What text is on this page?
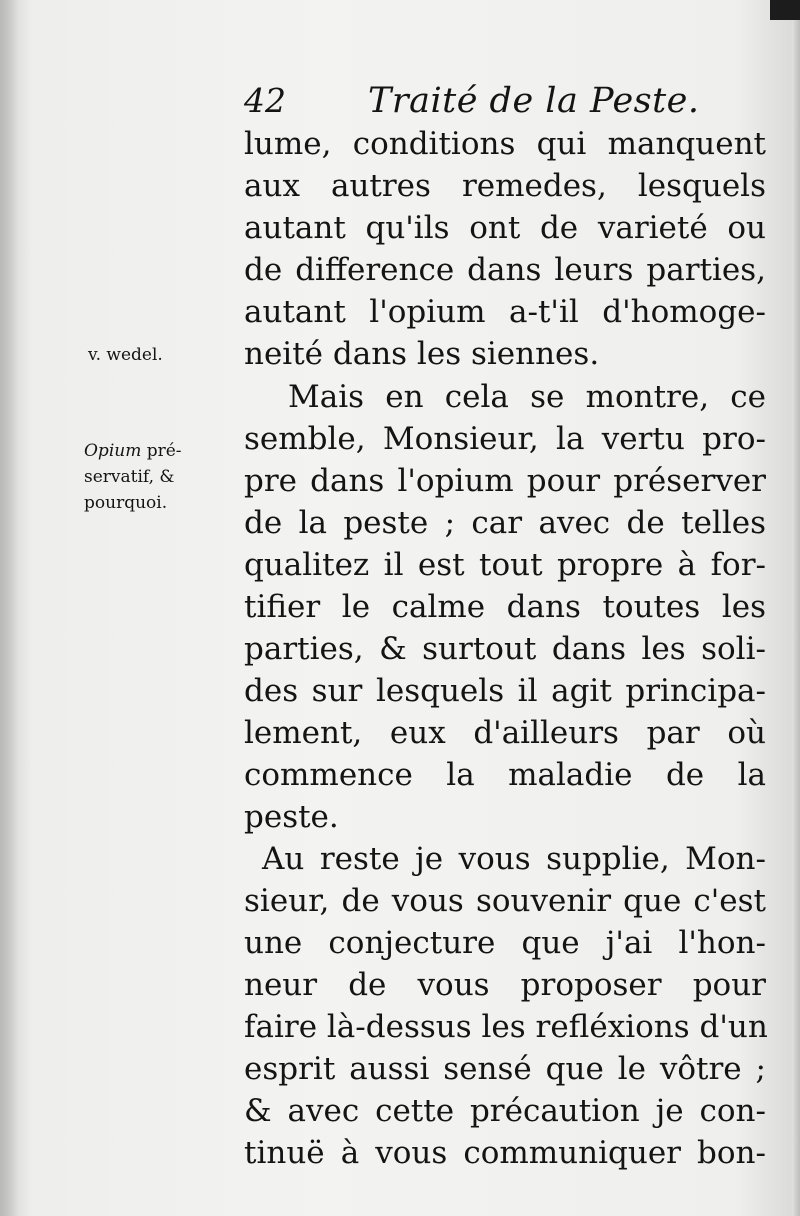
42 Traité de la Peste.
lume, conditions qui manquent
aux autres remedes, lesquels
autant qu'ils ont de varieté ou
de difference dans leurs parties,
autant l'opium a-t'il d'homoge-
neité dans les siennes.
Mais en cela se montre, ce
semble, Monsieur, la vertu pro-
pre dans l'opium pour préserver
de la peste ; car avec de telles
qualitez il est tout propre à for-
tifier le calme dans toutes les
parties, & surtout dans les soli-
des sur lesquels il agit principa-
lement, eux d'ailleurs par où
commence la maladie de la
peste.
Au reste je vous supplie, Mon-
sieur, de vous souvenir que c'est
une conjecture que j'ai l'hon-
neur de vous proposer pour
faire là-dessus les refléxions d'un
esprit aussi sensé que le vôtre ;
& avec cette précaution je con-
tinuë à vous communiquer bon-
v. wedel.
Opium pré-
servatif, &
pourquoi.
